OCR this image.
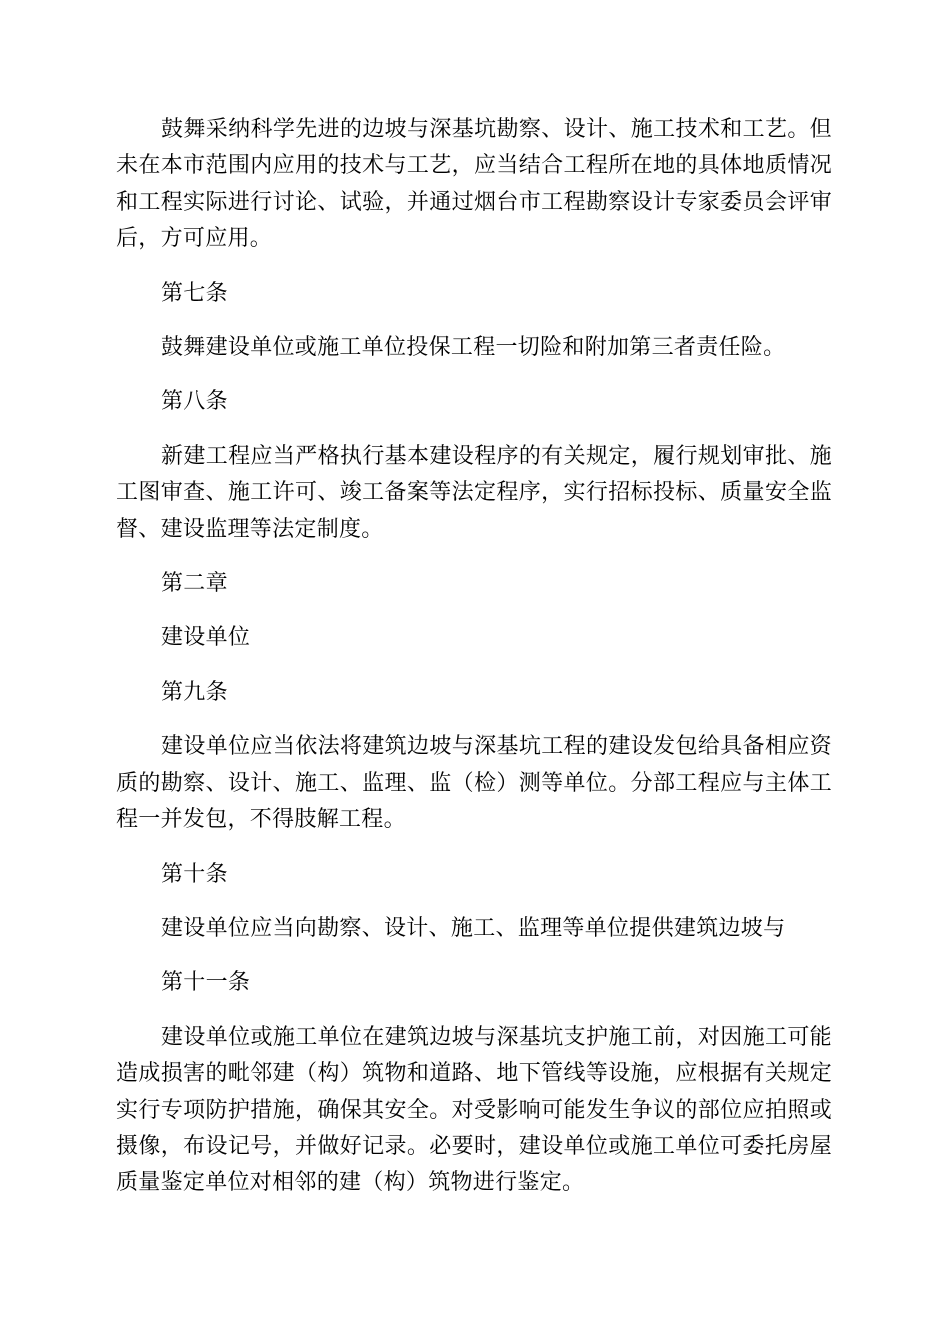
鼓舞采纳科学先进的边坡与深基坑勘察、设计、施工技术和工艺。但未在本市范围内应用的技术与工艺，应当结合工程所在地的具体地质情况和工程实际进行讨论、试验，并通过烟台市工程勘察设计专家委员会评审后，方可应用。

第七条

鼓舞建设单位或施工单位投保工程一切险和附加第三者责任险。

第八条

新建工程应当严格执行基本建设程序的有关规定，履行规划审批、施工图审查、施工许可、竣工备案等法定程序，实行招标投标、质量安全监督、建设监理等法定制度。

第二章

建设单位

第九条

建设单位应当依法将建筑边坡与深基坑工程的建设发包给具备相应资质的勘察、设计、施工、监理、监（检）测等单位。分部工程应与主体工程一并发包，不得肢解工程。

第十条

建设单位应当向勘察、设计、施工、监理等单位提供建筑边坡与

第十一条

建设单位或施工单位在建筑边坡与深基坑支护施工前，对因施工可能造成损害的毗邻建（构）筑物和道路、地下管线等设施，应根据有关规定实行专项防护措施，确保其安全。对受影响可能发生争议的部位应拍照或摄像，布设记号，并做好记录。必要时，建设单位或施工单位可委托房屋质量鉴定单位对相邻的建（构）筑物进行鉴定。
